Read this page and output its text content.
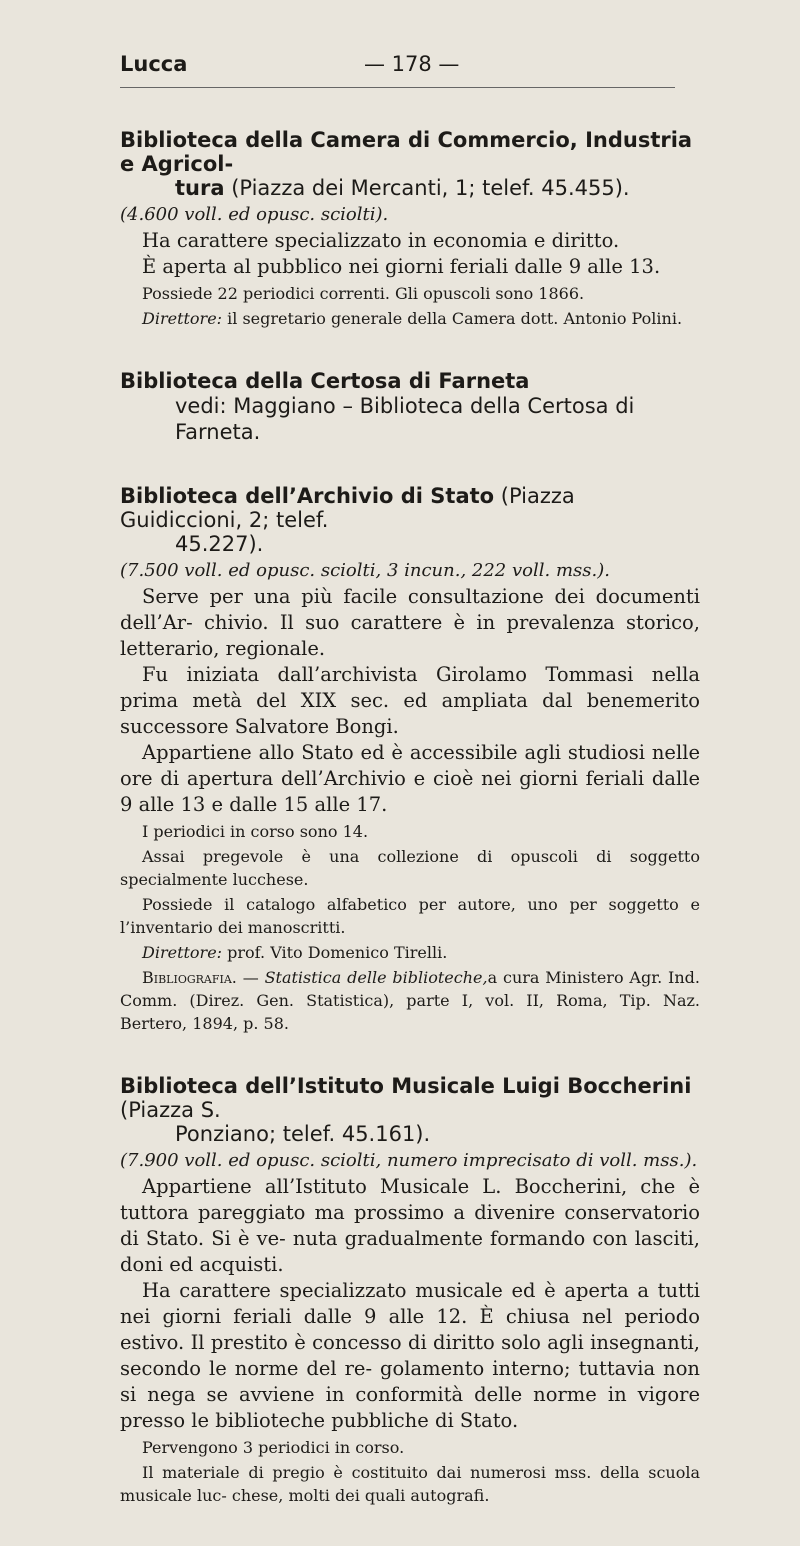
Lucca	— 178 —

Biblioteca della Camera di Commercio, Industria e Agricol-
tura (Piazza dei Mercanti, 1; telef. 45.455).

(4.600 voll. ed opusc. sciolti).

Ha carattere specializzato in economia e diritto.

È aperta al pubblico nei giorni feriali dalle 9 alle 13.

Possiede 22 periodici correnti. Gli opuscoli sono 1866.

Direttore: il segretario generale della Camera dott. Antonio Polini.

Biblioteca della Certosa di Farneta

vedi: Maggiano – Biblioteca della Certosa di Farneta.

Biblioteca dell’Archivio di Stato (Piazza Guidiccioni, 2; telef.
45.227).

(7.500 voll. ed opusc. sciolti, 3 incun., 222 voll. mss.).

Serve per una più facile consultazione dei documenti dell’Ar- chivio. Il suo carattere è in prevalenza storico, letterario, regionale.

Fu iniziata dall’archivista Girolamo Tommasi nella prima metà del XIX sec. ed ampliata dal benemerito successore Salvatore Bongi.

Appartiene allo Stato ed è accessibile agli studiosi nelle ore di apertura dell’Archivio e cioè nei giorni feriali dalle 9 alle 13 e dalle 15 alle 17.

I periodici in corso sono 14.

Assai pregevole è una collezione di opuscoli di soggetto specialmente lucchese.

Possiede il catalogo alfabetico per autore, uno per soggetto e l’inventario dei manoscritti.

Direttore: prof. Vito Domenico Tirelli.

Bibliografia. — Statistica delle biblioteche,a cura Ministero Agr. Ind. Comm. (Direz. Gen. Statistica), parte I, vol. II, Roma, Tip. Naz. Bertero, 1894, p. 58.

Biblioteca dell’Istituto Musicale Luigi Boccherini (Piazza S.
Ponziano; telef. 45.161).

(7.900 voll. ed opusc. sciolti, numero imprecisato di voll. mss.).

Appartiene all’Istituto Musicale L. Boccherini, che è tuttora pareggiato ma prossimo a divenire conservatorio di Stato. Si è ve- nuta gradualmente formando con lasciti, doni ed acquisti.

Ha carattere specializzato musicale ed è aperta a tutti nei giorni feriali dalle 9 alle 12. È chiusa nel periodo estivo. Il prestito è concesso di diritto solo agli insegnanti, secondo le norme del re- golamento interno; tuttavia non si nega se avviene in conformità delle norme in vigore presso le biblioteche pubbliche di Stato.

Pervengono 3 periodici in corso.

Il materiale di pregio è costituito dai numerosi mss. della scuola musicale luc- chese, molti dei quali autografi.
